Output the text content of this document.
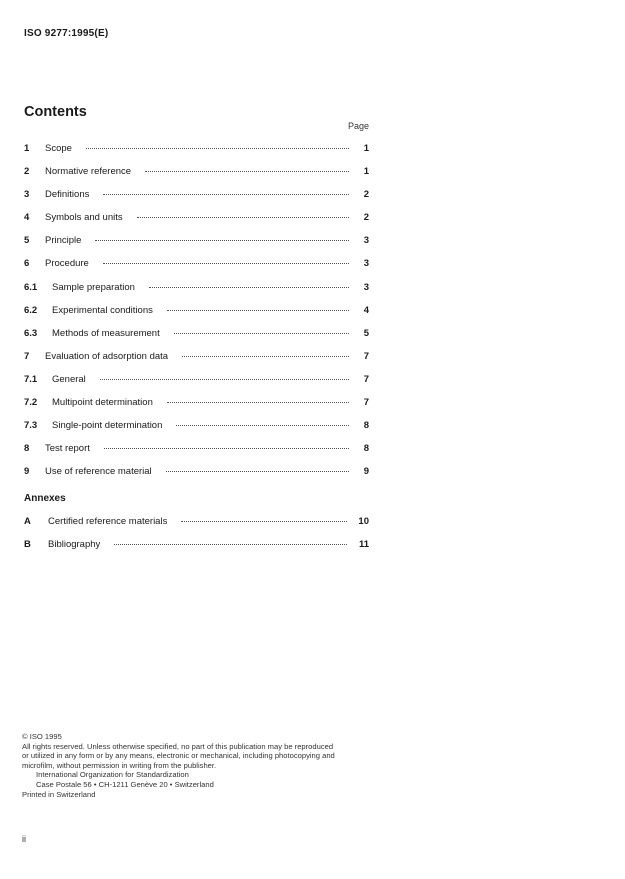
ISO 9277:1995(E)
Contents
Page
1	Scope	1
2	Normative reference	1
3	Definitions	2
4	Symbols and units	2
5	Principle	3
6	Procedure	3
6.1	Sample preparation	3
6.2	Experimental conditions	4
6.3	Methods of measurement	5
7	Evaluation of adsorption data	7
7.1	General	7
7.2	Multipoint determination	7
7.3	Single-point determination	8
8	Test report	8
9	Use of reference material	9
Annexes
A	Certified reference materials	10
B	Bibliography	11
© ISO 1995
All rights reserved. Unless otherwise specified, no part of this publication may be reproduced
or utilized in any form or by any means, electronic or mechanical, including photocopying and
microfilm, without permission in writing from the publisher.
International Organization for Standardization
Case Postale 56 • CH-1211 Genève 20 • Switzerland
Printed in Switzerland
ii
